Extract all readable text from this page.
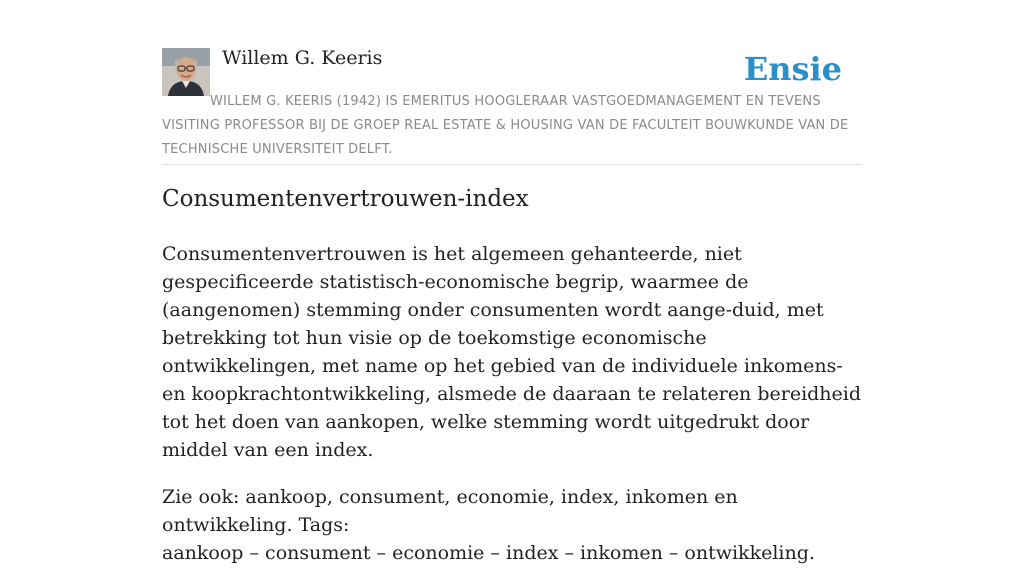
Willem G. Keeris	Ensie

WILLEM G. KEERIS (1942) IS EMERITUS HOOGLERAAR VASTGOEDMANAGEMENT EN TEVENS VISITING PROFESSOR BIJ DE GROEP REAL ESTATE & HOUSING VAN DE FACULTEIT BOUWKUNDE VAN DE TECHNISCHE UNIVERSITEIT DELFT.

Consumentenvertrouwen-index

Consumentenvertrouwen is het algemeen gehanteerde, niet gespecificeerde statistisch-economische begrip, waarmee de (aangenomen) stemming onder consumenten wordt aange-duid, met betrekking tot hun visie op de toekomstige economische ontwikkelingen, met name op het gebied van de individuele inkomens- en koopkrachtontwikkeling, alsmede de daaraan te relateren bereidheid tot het doen van aankopen, welke stemming wordt uitgedrukt door middel van een index.

Zie ook: aankoop, consument, economie, index, inkomen en ontwikkeling. Tags:
aankoop – consument – economie – index – inkomen – ontwikkeling.
